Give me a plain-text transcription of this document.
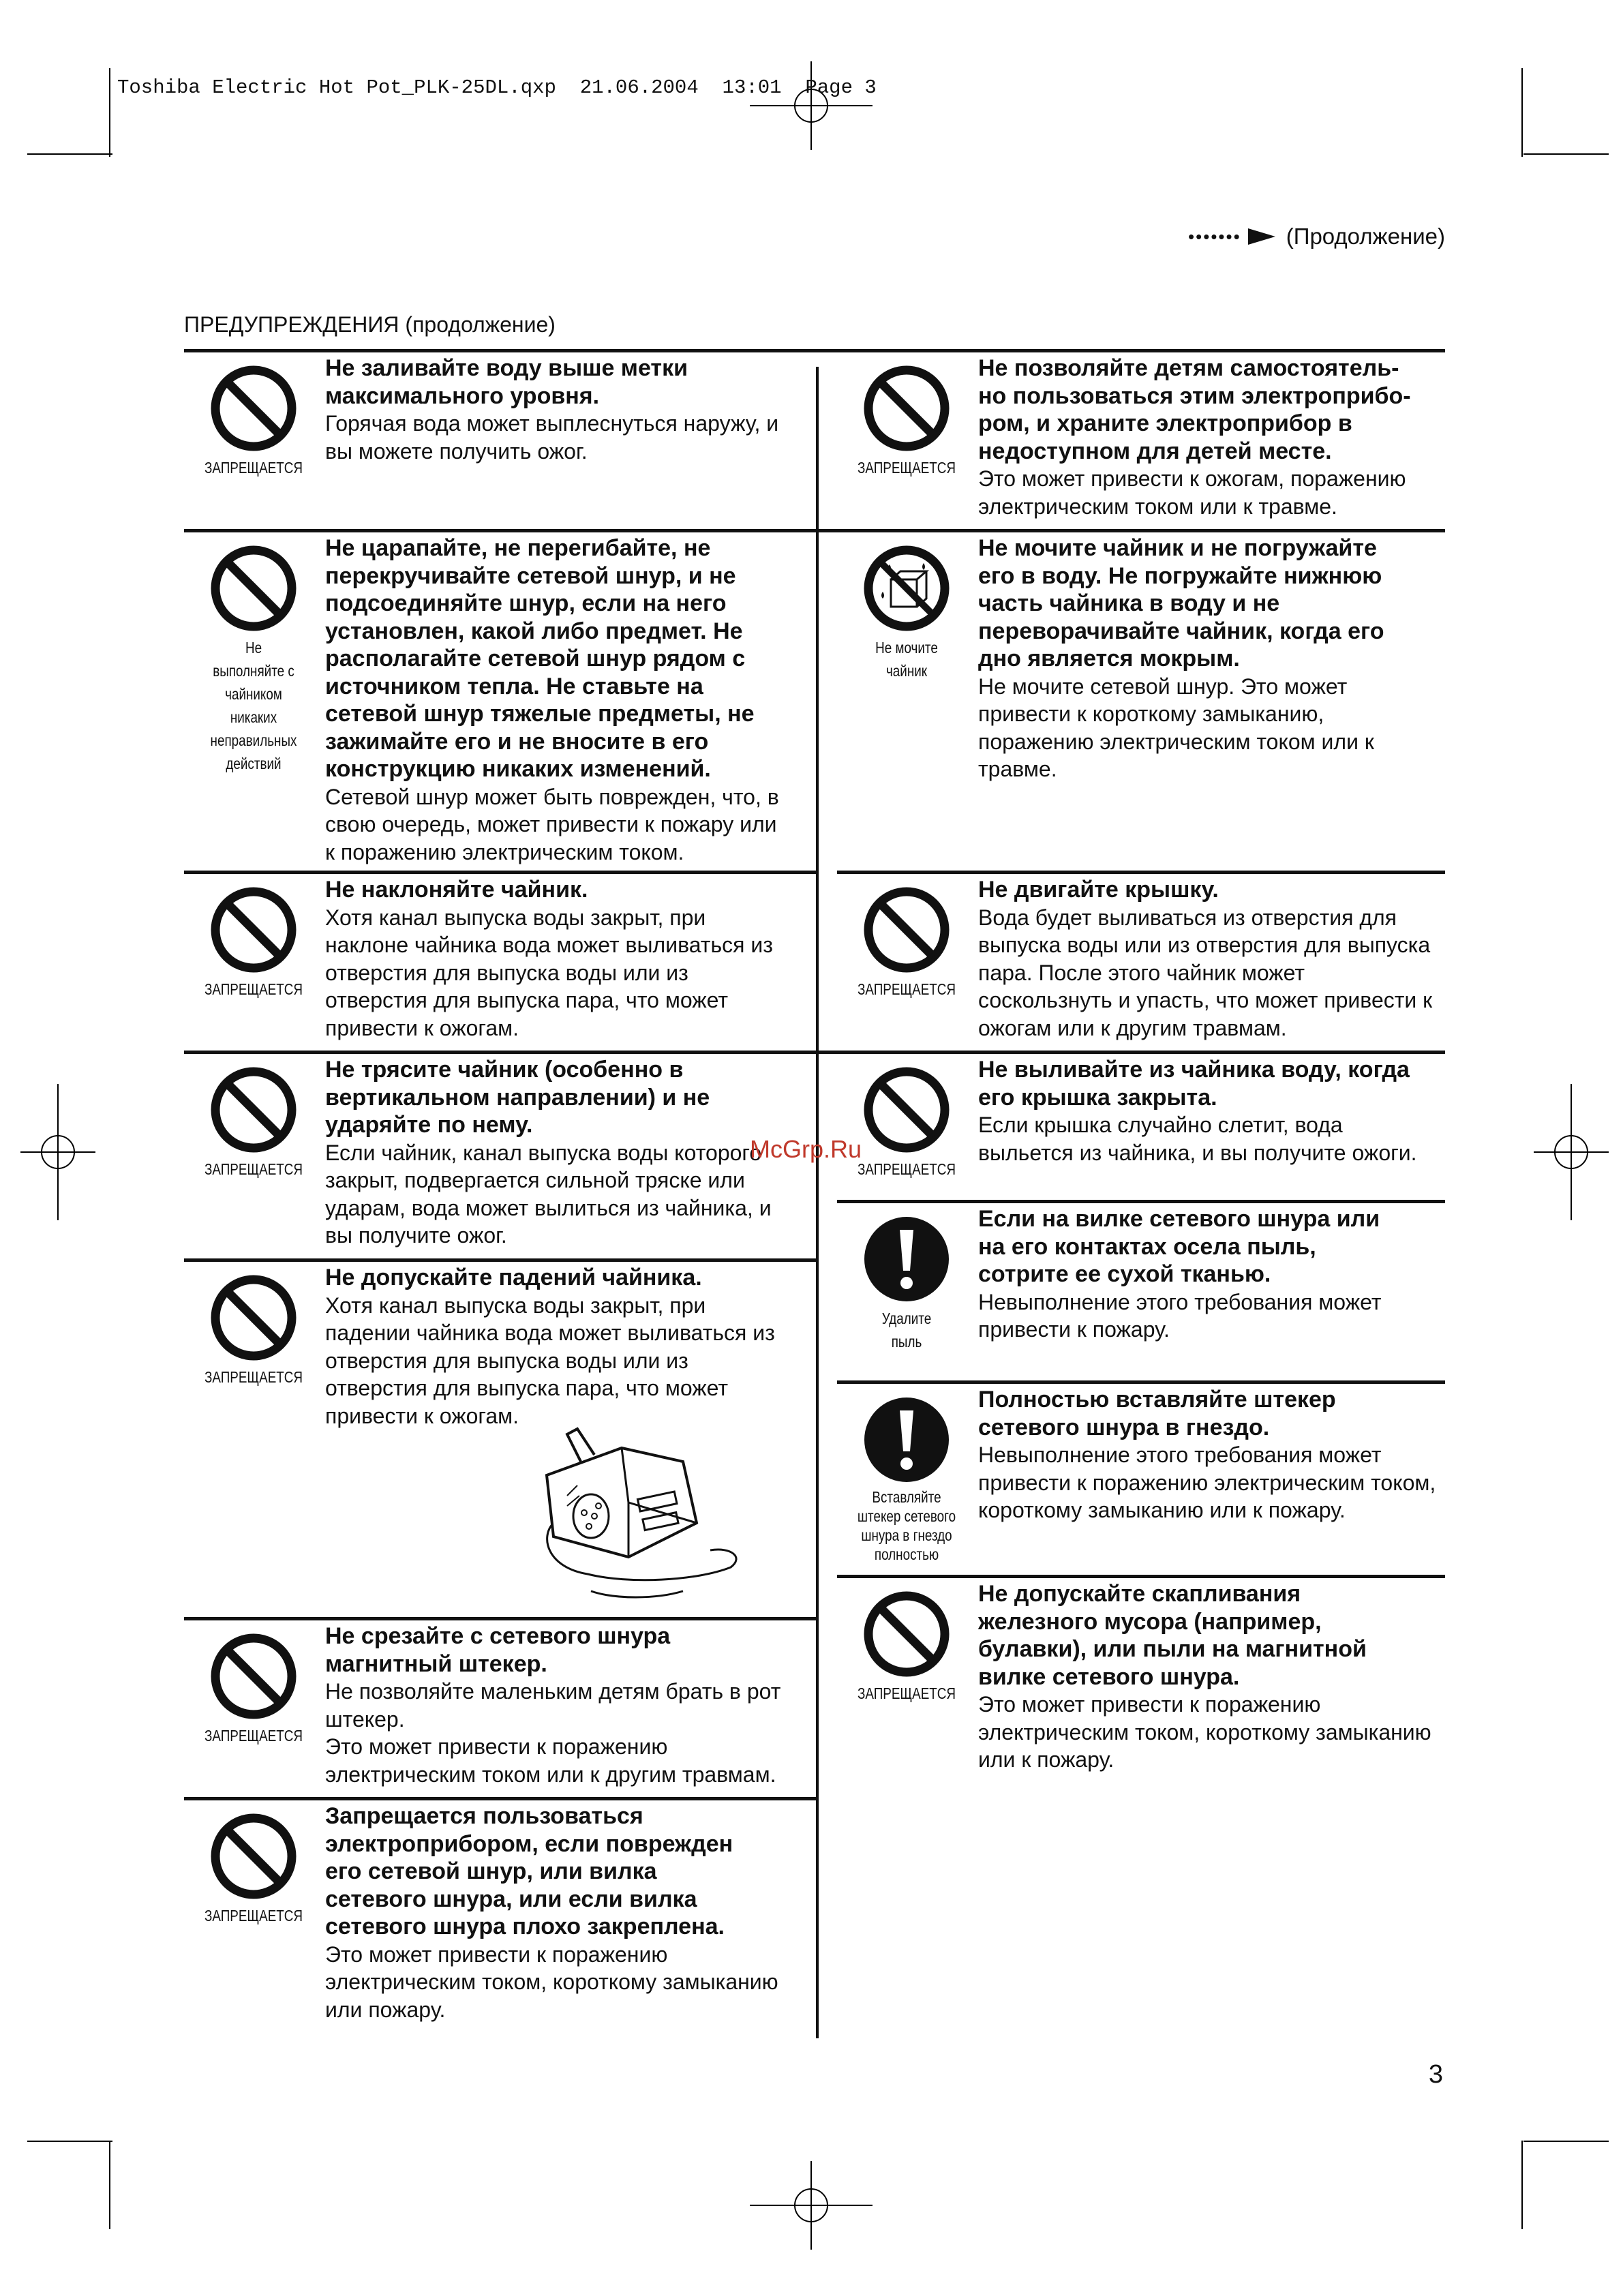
Toshiba Electric Hot Pot_PLK-25DL.qxp  21.06.2004  13:01  Page 3
••••••• (Продолжение)
ПРЕДУПРЕЖДЕНИЯ (продолжение)
ЗАПРЕЩАЕТСЯ
Не заливайте воду выше метки
максимального уровня.
Горячая вода может выплеснуться наружу, и
вы можете получить ожог.
Не
выполняйте с
чайником
никаких
неправильных
действий
Не царапайте, не перегибайте, не
перекручивайте сетевой шнур, и не
подсоединяйте шнур, если на него
установлен, какой либо предмет. Не
располагайте сетевой шнур рядом с
источником тепла. Не ставьте на
сетевой шнур тяжелые предметы, не
зажимайте его и не вносите в его
конструкцию никаких изменений.
Сетевой шнур может быть поврежден, что, в
свою очередь, может привести к пожару или
к поражению электрическим током.
ЗАПРЕЩАЕТСЯ
Не наклоняйте чайник.
Хотя канал выпуска воды закрыт, при
наклоне чайника вода может выливаться из
отверстия для выпуска воды или из
отверстия для выпуска пара, что может
привести к ожогам.
ЗАПРЕЩАЕТСЯ
Не трясите чайник (особенно в
вертикальном направлении) и не
ударяйте по нему.
Если чайник, канал выпуска воды которого
закрыт, подвергается сильной тряске или
ударам, вода может вылиться из чайника, и
вы получите ожог.
ЗАПРЕЩАЕТСЯ
Не допускайте падений чайника.
Хотя канал выпуска воды закрыт, при
падении чайника вода может выливаться из
отверстия для выпуска воды или из
отверстия для выпуска пара, что может
привести к ожогам.
ЗАПРЕЩАЕТСЯ
Не срезайте с сетевого шнура
магнитный штекер.
Не позволяйте маленьким детям брать в рот
штекер.
Это может привести к поражению
электрическим током или к другим травмам.
ЗАПРЕЩАЕТСЯ
Запрещается пользоваться
электроприбором, если поврежден
его сетевой шнур, или вилка
сетевого шнура, или если вилка
сетевого шнура плохо закреплена.
Это может привести к поражению
электрическим током, короткому замыканию
или пожару.
ЗАПРЕЩАЕТСЯ
Не позволяйте детям самостоятель-
но пользоваться этим электроприбо-
ром, и храните электроприбор в
недоступном для детей месте.
Это может привести к ожогам, поражению
электрическим током или к травме.
Не мочите
чайник
Не мочите чайник и не погружайте
его в воду. Не погружайте нижнюю
часть чайника в воду и не
переворачивайте чайник, когда его
дно является мокрым.
Не мочите сетевой шнур. Это может
привести к короткому замыканию,
поражению электрическим током или к
травме.
ЗАПРЕЩАЕТСЯ
Не двигайте крышку.
Вода будет выливаться из отверстия для
выпуска воды или из отверстия для выпуска
пара. После этого чайник может
соскользнуть и упасть, что может привести к
ожогам или к другим травмам.
ЗАПРЕЩАЕТСЯ
Не выливайте из чайника воду, когда
его крышка закрыта.
Если крышка случайно слетит, вода
выльется из чайника, и вы получите ожоги.
Удалите
пыль
Если на вилке сетевого шнура или
на его контактах осела пыль,
сотрите ее сухой тканью.
Невыполнение этого требования может
привести к пожару.
Вставляйте
штекер сетевого
шнура в гнездо
полностью
Полностью вставляйте штекер
сетевого шнура в гнездо.
Невыполнение этого требования может
привести к поражению электрическим током,
короткому замыканию или к пожару.
ЗАПРЕЩАЕТСЯ
Не допускайте скапливания
железного мусора (например,
булавки), или пыли на магнитной
вилке сетевого шнура.
Это может привести к поражению
электрическим током, короткому замыканию
или к пожару.
McGrp.Ru
3
